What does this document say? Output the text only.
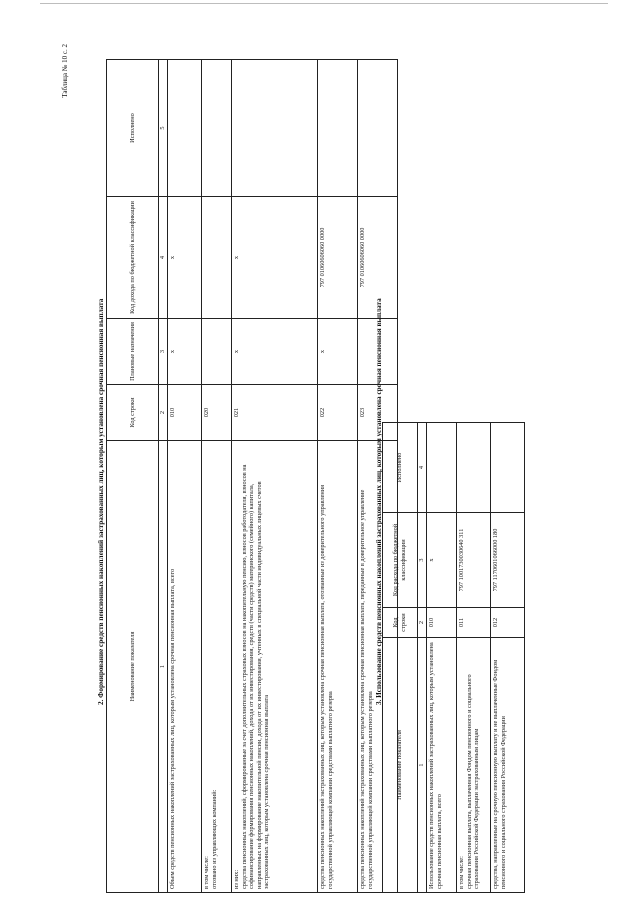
Таблица № 10 с. 2
2. Формирование средств пенсионных накоплений застрахованных лиц, которым установлена срочная пенсионная выплата	Наименование показателя	Код строки	Плановые назначения	Код дохода по бюджетной классификации	Исполнено
1	2	3	4	5
Объем средств пенсионных накоплений застрахованных лиц, которым установлена срочная пенсионная выплата, всего	010	x	x	
в том числе:
отозвано из управляющих компаний:	020			
из них:
средства пенсионных накоплений, сформированные за счет дополнительных страховых взносов на накопительную пенсию, взносов работодателя, взносов на софинансирование формирования пенсионных накоплений, дохода от их инвестирования, средств (части средств) материнского (семейного) капитала, направленных на формирование накопительной пенсии, дохода от их инвестирования, учтенных в специальной части индивидуальных лицевых счетов застрахованных лиц, которым установлена срочная пенсионная выплата	021	x	x	
средства пенсионных накоплений застрахованных лиц, которым установлена срочная пенсионная выплата, отозванные из доверительного управления государственной управляющей компании средствами выплатного резерва	022	x	797 01060606060 0000	
средства пенсионных накоплений застрахованных лиц, которым установлена срочная пенсионная выплата, переданные в доверительное управление государственной управляющей компании средствами выплатного резерва	023		797 01060606060 0000	
3. Использование средств пенсионных накоплений застрахованных лиц, которым установлена срочная пенсионная выплата
Наименование показателя	Код строки	Код расхода по бюджетной классификации	Исполнено
1	2	3	4
Использование средств пенсионных накоплений застрахованных лиц, которым установлена срочная пенсионная выплата, всего	010	x	
в том числе:
срочная пенсионная выплата, выплаченная Фондом пенсионного и социального страхования Российской Федерации застрахованным лицам	011	797 1001730030640 311	
средства, направленные на срочную пенсионную выплату и не выплаченные Фондом пенсионного и социального страхования Российской Федерации	012	797 1170601066000 180	
